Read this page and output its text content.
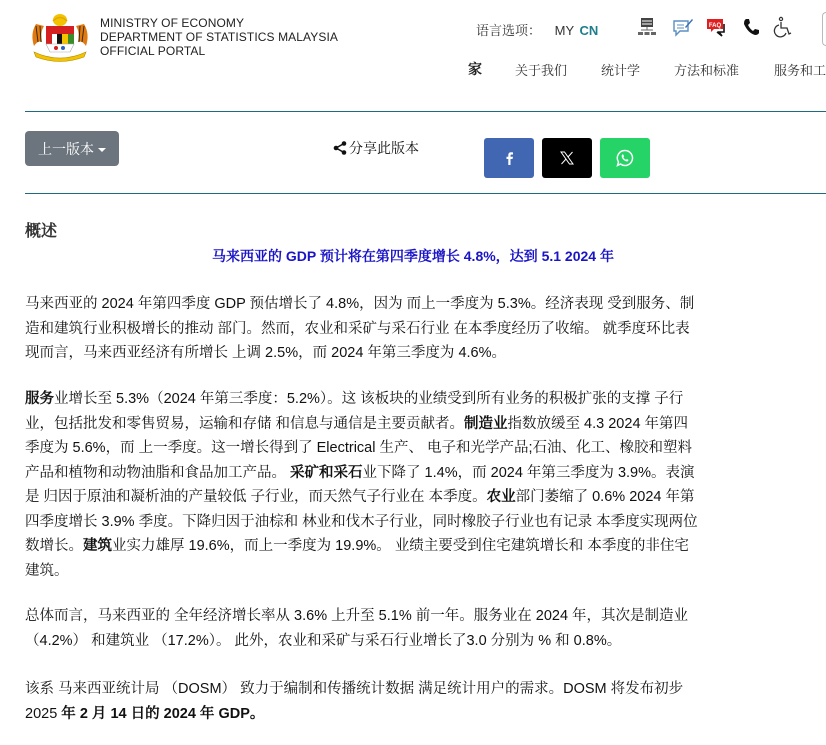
MINISTRY OF ECONOMY
DEPARTMENT OF STATISTICS MALAYSIA
OFFICIAL PORTAL
语言选项： MY CN	FAQ
家	关于我们	统计学	方法和标准	服务和工
上一版本	分享此版本
概述
马来西亚的 GDP 预计将在第四季度增长 4.8%，达到 5.1 2024 年
马来西亚的 2024 年第四季度 GDP 预估增长了 4.8%，因为 而上一季度为 5.3%。经济表现 受到服务、制
造和建筑行业积极增长的推动 部门。然而，农业和采矿与采石行业 在本季度经历了收缩。 就季度环比表
现而言，马来西亚经济有所增长 上调 2.5%，而 2024 年第三季度为 4.6%。
服务业增长至 5.3%（2024 年第三季度：5.2%）。这 该板块的业绩受到所有业务的积极扩张的支撑 子行
业，包括批发和零售贸易，运输和存储 和信息与通信是主要贡献者。制造业指数放缓至 4.3 2024 年第四
季度为 5.6%，而 上一季度。这一增长得到了 Electrical 生产、 电子和光学产品;石油、化工、橡胶和塑料
产品和植物和动物油脂和食品加工产品。 采矿和采石业下降了 1.4%，而 2024 年第三季度为 3.9%。表演
是 归因于原油和凝析油的产量较低 子行业，而天然气子行业在 本季度。农业部门萎缩了 0.6% 2024 年第
四季度增长 3.9% 季度。下降归因于油棕和 林业和伐木子行业，同时橡胶子行业也有记录 本季度实现两位
数增长。建筑业实力雄厚 19.6%，而上一季度为 19.9%。 业绩主要受到住宅建筑增长和 本季度的非住宅
建筑。
总体而言，马来西亚的 全年经济增长率从 3.6% 上升至 5.1% 前一年。服务业在 2024 年，其次是制造业
（4.2%） 和建筑业 （17.2%）。 此外，农业和采矿与采石行业增长了3.0 分别为 % 和 0.8%。
该系 马来西亚统计局 （DOSM） 致力于编制和传播统计数据 满足统计用户的需求。DOSM 将发布初步
2025 年 2 月 14 日的 2024 年 GDP。
